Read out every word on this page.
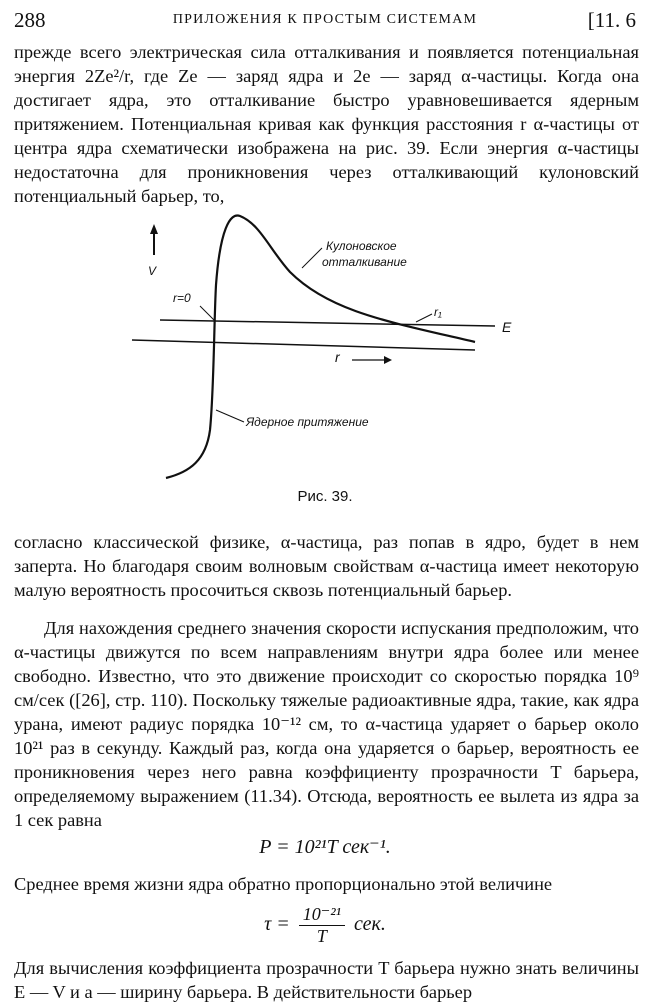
288	ПРИЛОЖЕНИЯ К ПРОСТЫМ СИСТЕМАМ	[11. 6

прежде всего электрическая сила отталкивания и появляется потенциальная энергия 2Ze²/r, где Ze — заряд ядра и 2e — заряд α-частицы. Когда она достигает ядра, это отталкивание быстро уравновешивается ядерным притяжением. Потенциальная кривая как функция расстояния r α-частицы от центра ядра схематически изображена на рис. 39. Если энергия α-частицы недостаточна для проникновения через отталкивающий кулоновский потенциальный барьер, то,

V
E
r=0
r₁
r
Кулоновское
отталкивание
Ядерное притяжение
Рис. 39.

согласно классической физике, α-частица, раз попав в ядро, будет в нем заперта. Но благодаря своим волновым свойствам α-частица имеет некоторую малую вероятность просочиться сквозь потенциальный барьер.

Для нахождения среднего значения скорости испускания предположим, что α-частицы движутся по всем направлениям внутри ядра более или менее свободно. Известно, что это движение происходит со скоростью порядка 10⁹ см/сек ([26], стр. 110). Поскольку тяжелые радиоактивные ядра, такие, как ядра урана, имеют радиус порядка 10⁻¹² см, то α-частица ударяет о барьер около 10²¹ раз в секунду. Каждый раз, когда она ударяется о барьер, вероятность ее проникновения через него равна коэффициенту прозрачности T барьера, определяемому выражением (11.34). Отсюда, вероятность ее вылета из ядра за 1 сек равна

P = 10²¹T сек⁻¹.

Среднее время жизни ядра обратно пропорционально этой величине

$\tau = \frac{\text{10⁻²¹}}{T}$ сек.

Для вычисления коэффициента прозрачности T барьера нужно знать величины E — V и a — ширину барьера. В действительности барьер
